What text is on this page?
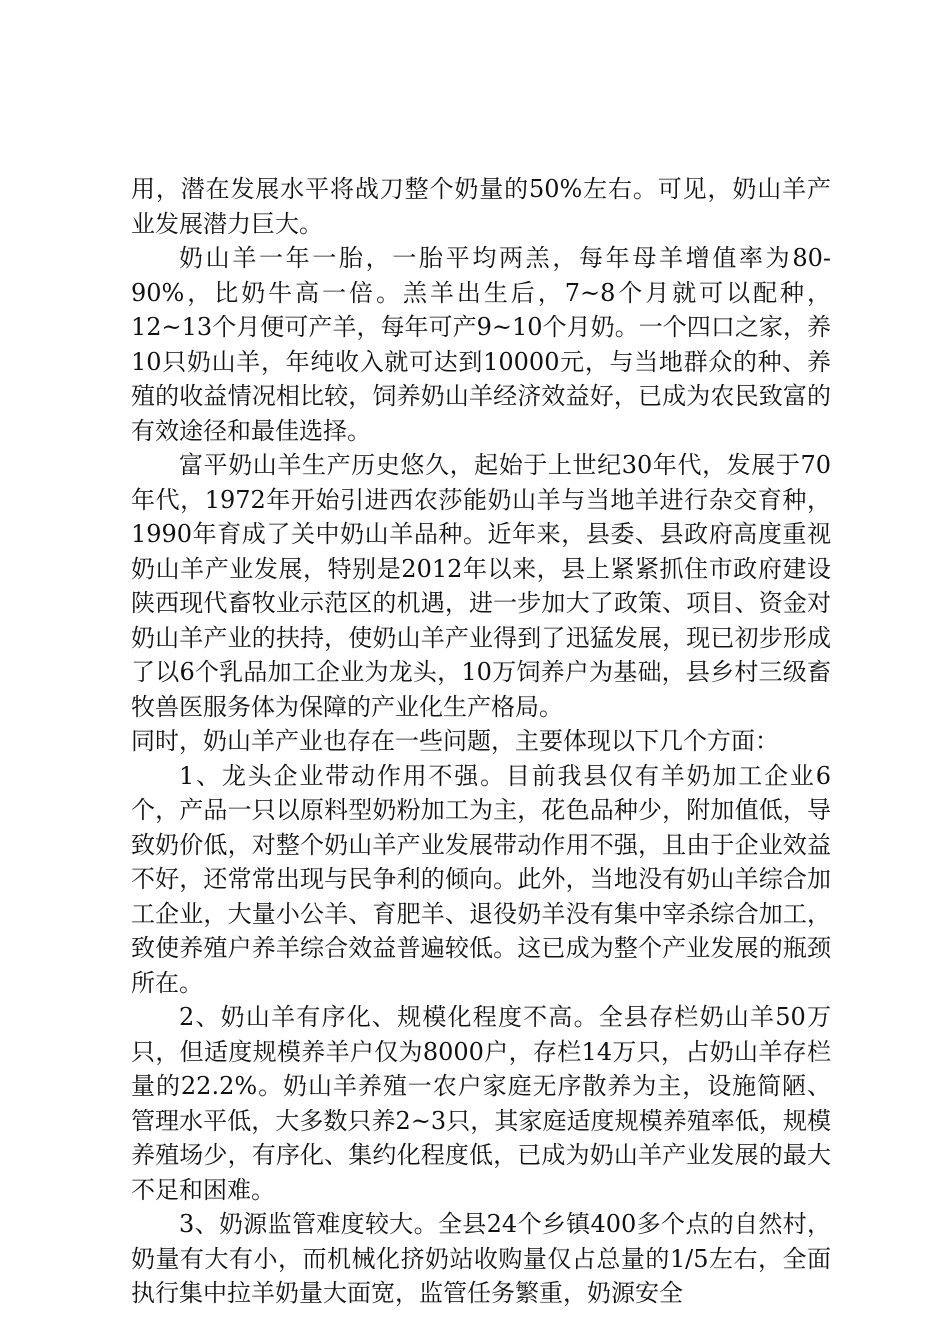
用，潜在发展水平将战刀整个奶量的50%左右。可见，奶山羊产业发展潜力巨大。

奶山羊一年一胎，一胎平均两羔，每年母羊增值率为80-90%，比奶牛高一倍。羔羊出生后，7~8个月就可以配种，12~13个月便可产羊，每年可产9~10个月奶。一个四口之家，养10只奶山羊，年纯收入就可达到10000元，与当地群众的种、养殖的收益情况相比较，饲养奶山羊经济效益好，已成为农民致富的有效途径和最佳选择。

富平奶山羊生产历史悠久，起始于上世纪30年代，发展于70年代，1972年开始引进西农莎能奶山羊与当地羊进行杂交育种，1990年育成了关中奶山羊品种。近年来，县委、县政府高度重视奶山羊产业发展，特别是2012年以来，县上紧紧抓住市政府建设陕西现代畜牧业示范区的机遇，进一步加大了政策、项目、资金对奶山羊产业的扶持，使奶山羊产业得到了迅猛发展，现已初步形成了以6个乳品加工企业为龙头，10万饲养户为基础，县乡村三级畜牧兽医服务体为保障的产业化生产格局。

同时，奶山羊产业也存在一些问题，主要体现以下几个方面：

1、龙头企业带动作用不强。目前我县仅有羊奶加工企业6个，产品一只以原料型奶粉加工为主，花色品种少，附加值低，导致奶价低，对整个奶山羊产业发展带动作用不强，且由于企业效益不好，还常常出现与民争利的倾向。此外，当地没有奶山羊综合加工企业，大量小公羊、育肥羊、退役奶羊没有集中宰杀综合加工，致使养殖户养羊综合效益普遍较低。这已成为整个产业发展的瓶颈所在。

2、奶山羊有序化、规模化程度不高。全县存栏奶山羊50万只，但适度规模养羊户仅为8000户，存栏14万只，占奶山羊存栏量的22.2%。奶山羊养殖一农户家庭无序散养为主，设施简陋、管理水平低，大多数只养2~3只，其家庭适度规模养殖率低，规模养殖场少，有序化、集约化程度低，已成为奶山羊产业发展的最大不足和困难。

3、奶源监管难度较大。全县24个乡镇400多个点的自然村，奶量有大有小，而机械化挤奶站收购量仅占总量的1/5左右，全面执行集中拉羊奶量大面宽，监管任务繁重，奶源安全
